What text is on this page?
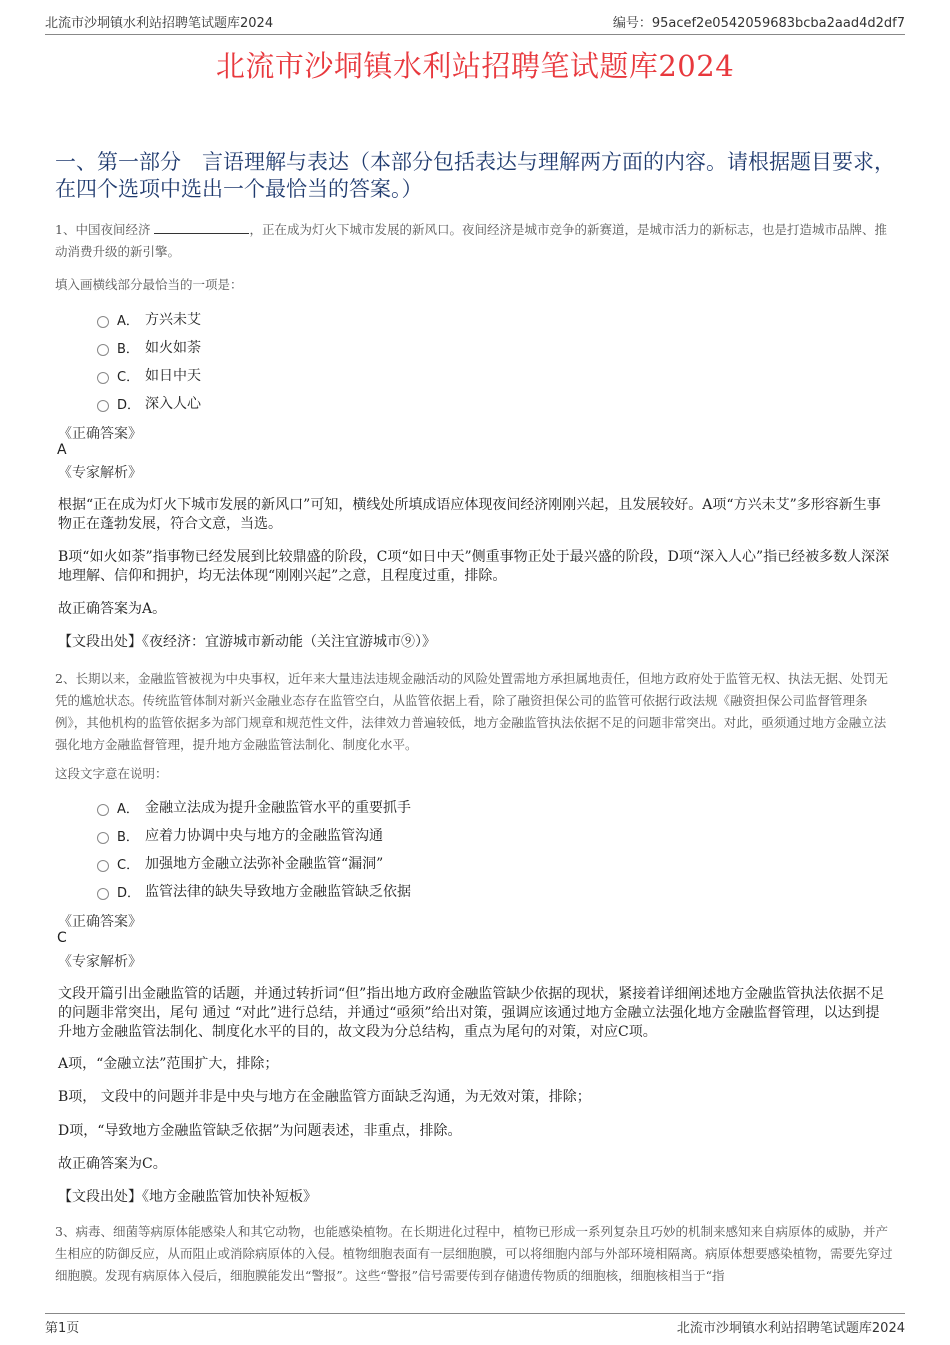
北流市沙垌镇水利站招聘笔试题库2024	编号：95acef2e0542059683bcba2aad4d2df7
北流市沙垌镇水利站招聘笔试题库2024
一、第一部分　言语理解与表达（本部分包括表达与理解两方面的内容。请根据题目要求，在四个选项中选出一个最恰当的答案。）
1、中国夜间经济	，正在成为灯火下城市发展的新风口。夜间经济是城市竞争的新赛道，是城市活力的新标志，也是打造城市品牌、推动消费升级的新引擎。
填入画横线部分最恰当的一项是：
A． 方兴未艾
B． 如火如荼
C． 如日中天
D． 深入人心
《正确答案》
A
《专家解析》
根据“正在成为灯火下城市发展的新风口”可知，横线处所填成语应体现夜间经济刚刚兴起，且发展较好。A项“方兴未艾”多形容新生事物正在蓬勃发展，符合文意，当选。
B项“如火如荼”指事物已经发展到比较鼎盛的阶段，C项“如日中天”侧重事物正处于最兴盛的阶段，D项“深入人心”指已经被多数人深深地理解、信仰和拥护，均无法体现“刚刚兴起”之意，且程度过重，排除。
故正确答案为A。
【文段出处】《夜经济：宜游城市新动能（关注宜游城市⑨）》
2、长期以来，金融监管被视为中央事权，近年来大量违法违规金融活动的风险处置需地方承担属地责任，但地方政府处于监管无权、执法无据、处罚无凭的尴尬状态。传统监管体制对新兴金融业态存在监管空白，从监管依据上看，除了融资担保公司的监管可依据行政法规《融资担保公司监督管理条例》，其他机构的监管依据多为部门规章和规范性文件，法律效力普遍较低，地方金融监管执法依据不足的问题非常突出。对此，亟须通过地方金融立法强化地方金融监督管理，提升地方金融监管法制化、制度化水平。
这段文字意在说明：
A． 金融立法成为提升金融监管水平的重要抓手
B． 应着力协调中央与地方的金融监管沟通
C． 加强地方金融立法弥补金融监管“漏洞”
D． 监管法律的缺失导致地方金融监管缺乏依据
《正确答案》
C
《专家解析》
文段开篇引出金融监管的话题，并通过转折词“但”指出地方政府金融监管缺少依据的现状，紧接着详细阐述地方金融监管执法依据不足的问题非常突出，尾句 通过 “对此”进行总结，并通过“亟须”给出对策，强调应该通过地方金融立法强化地方金融监督管理，以达到提升地方金融监管法制化、制度化水平的目的，故文段为分总结构，重点为尾句的对策，对应C项。
A项，“金融立法”范围扩大，排除；
B项， 文段中的问题并非是中央与地方在金融监管方面缺乏沟通，为无效对策，排除；
D项，“导致地方金融监管缺乏依据”为问题表述，非重点，排除。
故正确答案为C。
【文段出处】《地方金融监管加快补短板》
3、病毒、细菌等病原体能感染人和其它动物，也能感染植物。在长期进化过程中，植物已形成一系列复杂且巧妙的机制来感知来自病原体的威胁，并产生相应的防御反应，从而阻止或消除病原体的入侵。植物细胞表面有一层细胞膜，可以将细胞内部与外部环境相隔离。病原体想要感染植物，需要先穿过细胞膜。发现有病原体入侵后，细胞膜能发出“警报”。这些“警报”信号需要传到存储遗传物质的细胞核，细胞核相当于“指
第1页	北流市沙垌镇水利站招聘笔试题库2024
